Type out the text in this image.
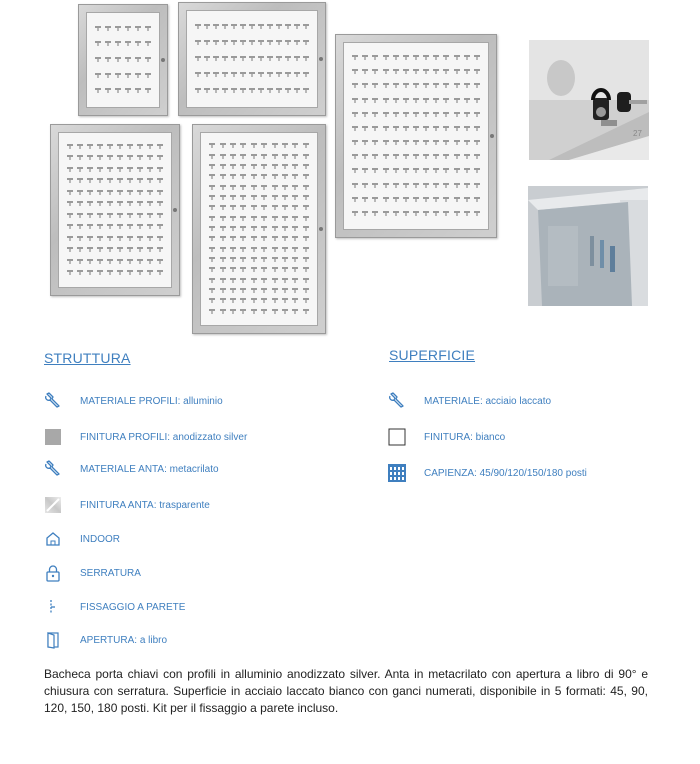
27
STRUTTURA	SUPERFICIE
MATERIALE PROFILI: alluminio
FINITURA PROFILI: anodizzato silver
MATERIALE ANTA: metacrilato
FINITURA ANTA: trasparente
INDOOR
SERRATURA
FISSAGGIO A PARETE
APERTURA: a libro
MATERIALE: acciaio laccato
FINITURA: bianco
CAPIENZA: 45/90/120/150/180 posti
Bacheca porta chiavi con profili in alluminio anodizzato silver. Anta in metacrilato con apertura a libro di 90° e chiusura con serratura. Superficie in acciaio laccato bianco con ganci numerati, disponibile in 5 formati: 45, 90, 120, 150, 180 posti. Kit per il fissaggio a parete incluso.
